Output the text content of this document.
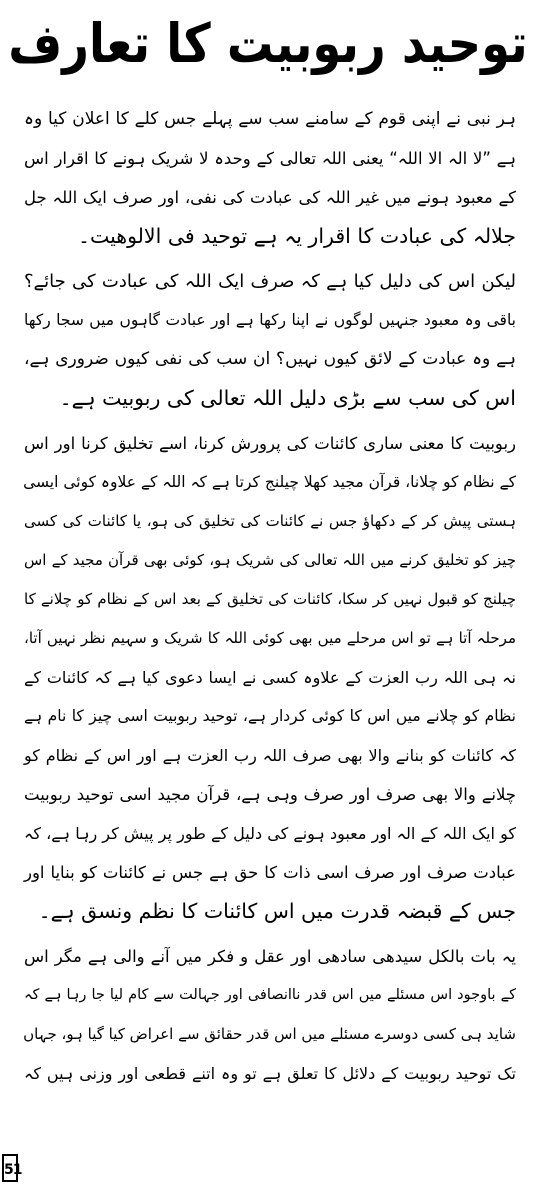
توحید ربوبیت کا تعارف
ہر نبی نے اپنی قوم کے سامنے سب سے پہلے جس کلے کا اعلان کیا وہ
ہے ”لا الہ الا اللہ“ یعنی اللہ تعالی کے وحدہ لا شریک ہونے کا اقرار اس
کے معبود ہونے میں غیر اللہ کی عبادت کی نفی، اور صرف ایک اللہ جل
جلالہ کی عبادت کا اقرار یہ ہے توحید فی الالوھیت۔
لیکن اس کی دلیل کیا ہے کہ صرف ایک اللہ کی عبادت کی جائے؟
باقی وہ معبود جنہیں لوگوں نے اپنا رکھا ہے اور عبادت گاہوں میں سجا رکھا
ہے وہ عبادت کے لائق کیوں نہیں؟ ان سب کی نفی کیوں ضروری ہے،
اس کی سب سے بڑی دلیل اللہ تعالی کی ربوبیت ہے۔
ربوبیت کا معنی ساری کائنات کی پرورش کرنا، اسے تخلیق کرنا اور اس
کے نظام کو چلانا، قرآن مجید کھلا چیلنج کرتا ہے کہ اللہ کے علاوہ کوئی ایسی
ہستی پیش کر کے دکھاؤ جس نے کائنات کی تخلیق کی ہو، یا کائنات کی کسی
چیز کو تخلیق کرنے میں اللہ تعالی کی شریک ہو، کوئی بھی قرآن مجید کے اس
چیلنج کو قبول نہیں کر سکا، کائنات کی تخلیق کے بعد اس کے نظام کو چلانے کا
مرحلہ آتا ہے تو اس مرحلے میں بھی کوئی اللہ کا شریک و سہیم نظر نہیں آتا،
نہ ہی اللہ رب العزت کے علاوہ کسی نے ایسا دعوی کیا ہے کہ کائنات کے
نظام کو چلانے میں اس کا کوئی کردار ہے، توحید ربوبیت اسی چیز کا نام ہے
کہ کائنات کو بنانے والا بھی صرف اللہ رب العزت ہے اور اس کے نظام کو
چلانے والا بھی صرف اور صرف وہی ہے، قرآن مجید اسی توحید ربوبیت
کو ایک اللہ کے الہ اور معبود ہونے کی دلیل کے طور پر پیش کر رہا ہے، کہ
عبادت صرف اور صرف اسی ذات کا حق ہے جس نے کائنات کو بنایا اور
جس کے قبضہ قدرت میں اس کائنات کا نظم ونسق ہے۔
یہ بات بالکل سیدھی سادھی اور عقل و فکر میں آنے والی ہے مگر اس
کے باوجود اس مسئلے میں اس قدر ناانصافی اور جہالت سے کام لیا جا رہا ہے کہ
شاید ہی کسی دوسرے مسئلے میں اس قدر حقائق سے اعراض کیا گیا ہو، جہاں
تک توحید ربوبیت کے دلائل کا تعلق ہے تو وہ اتنے قطعی اور وزنی ہیں کہ
51
